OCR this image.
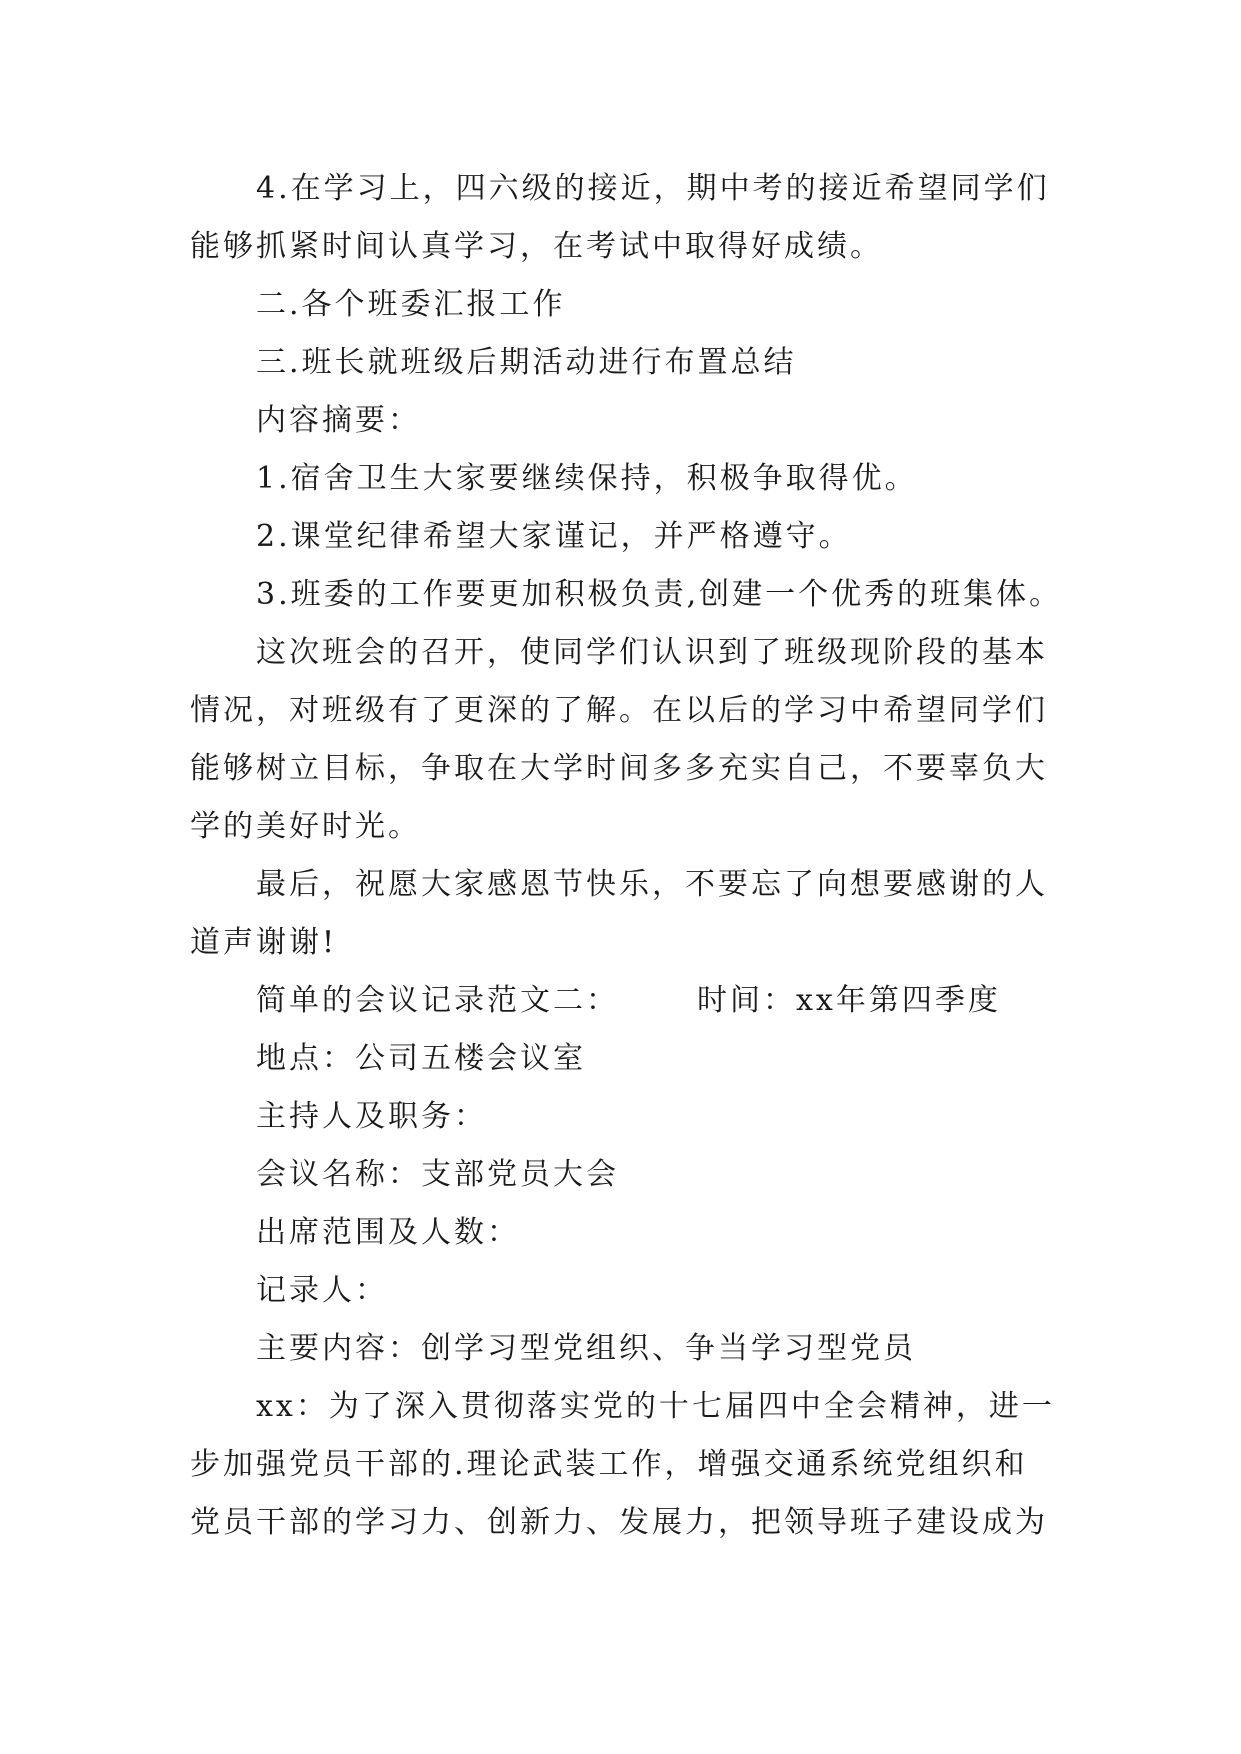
4.在学习上，四六级的接近，期中考的接近希望同学们
能够抓紧时间认真学习，在考试中取得好成绩。
二.各个班委汇报工作
三.班长就班级后期活动进行布置总结
内容摘要：
1.宿舍卫生大家要继续保持，积极争取得优。
2.课堂纪律希望大家谨记，并严格遵守。
3.班委的工作要更加积极负责,创建一个优秀的班集体。
这次班会的召开，使同学们认识到了班级现阶段的基本
情况，对班级有了更深的了解。在以后的学习中希望同学们
能够树立目标，争取在大学时间多多充实自己，不要辜负大
学的美好时光。
最后，祝愿大家感恩节快乐，不要忘了向想要感谢的人
道声谢谢!
简单的会议记录范文二：	时间：xx年第四季度
地点：公司五楼会议室
主持人及职务：
会议名称：支部党员大会
出席范围及人数：
记录人：
主要内容：创学习型党组织、争当学习型党员
xx：为了深入贯彻落实党的十七届四中全会精神，进一
步加强党员干部的.理论武装工作，增强交通系统党组织和
党员干部的学习力、创新力、发展力，把领导班子建设成为
